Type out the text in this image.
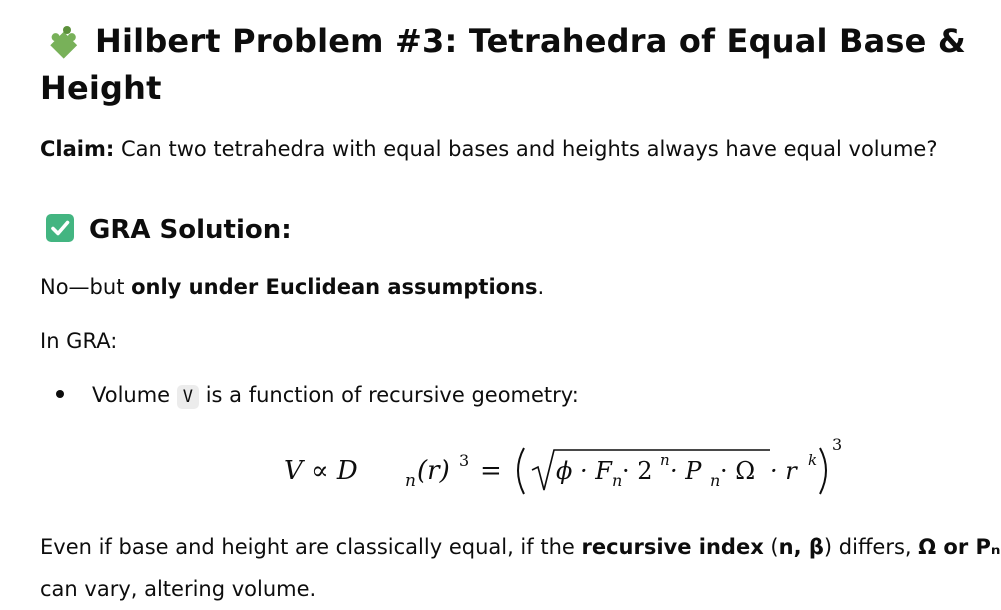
Hilbert Problem #3: Tetrahedra of Equal Base & Height
Claim: Can two tetrahedra with equal bases and heights always have equal volume?
GRA Solution:
No—but only under Euclidean assumptions.
In GRA:
Volume V is a function of recursive geometry:
V ∝ D	n (r) 3 = ϕ · F n · 2 n · P n · Ω · r k
3
Even if base and height are classically equal, if the recursive index (n, β) differs, Ω or Pₙ
can vary, altering volume.
